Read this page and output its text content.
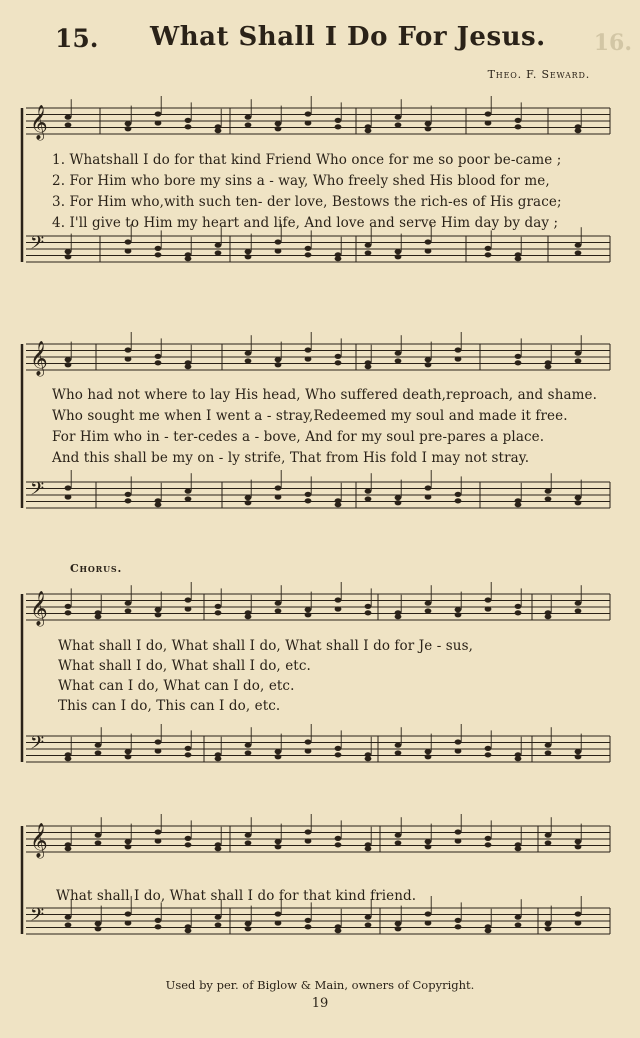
15. What Shall I Do For Jesus.
Theo. F. Seward.
16.
𝄞
𝄢
1. Whatshall I do for that kind Friend Who once for me so poor be-came ;
2. For Him who bore my sins a - way, Who freely shed His blood for me,
3. For Him who,with such ten- der love, Bestows the rich-es of His grace;
4. I'll give to Him my heart and life, And love and serve Him day by day ;
𝄞
𝄢
Who had not where to lay His head, Who suffered death,reproach, and shame.
Who sought me when I went a - stray,Redeemed my soul and made it free.
For Him who in - ter-cedes a - bove, And for my soul pre-pares a place.
And this shall be my on - ly strife, That from His fold I may not stray.
Chorus.
𝄞
𝄢
What shall I do, What shall I do, What shall I do for Je - sus,
What shall I do, What shall I do, etc.
What can I do, What can I do, etc.
This can I do, This can I do, etc.
𝄞
𝄢
What shall I do, What shall I do for that kind friend.
Used by per. of Biglow & Main, owners of Copyright.
19
